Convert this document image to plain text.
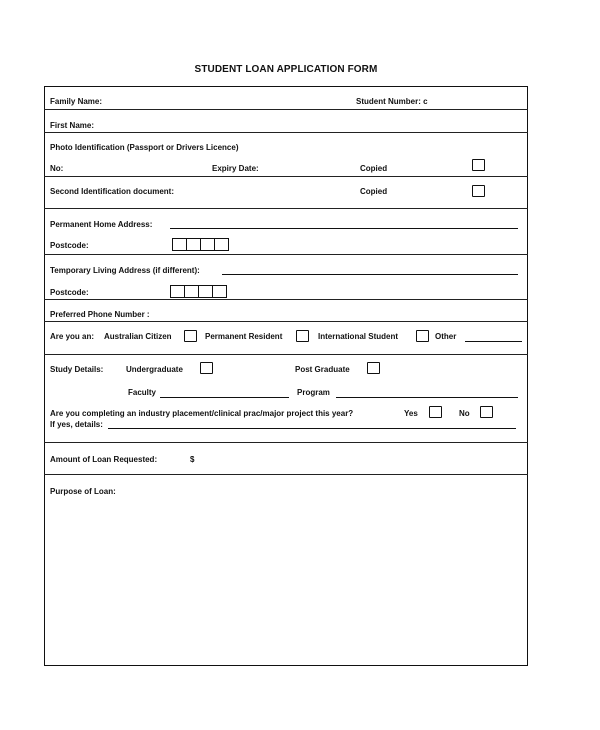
STUDENT LOAN APPLICATION FORM
Family Name:	Student Number: c
First Name:
Photo Identification (Passport or Drivers Licence)
No:	Expiry Date:	Copied
Second Identification document:	Copied
Permanent Home Address:
Postcode:
Temporary Living Address (if different):
Postcode:
Preferred Phone Number :
Are you an: Australian Citizen	Permanent Resident	International Student	Other
Study Details:	Undergraduate	Post Graduate
Faculty	Program
Are you completing an industry placement/clinical prac/major project this year?	Yes	No
If yes, details:
Amount of Loan Requested:	$
Purpose of Loan:
